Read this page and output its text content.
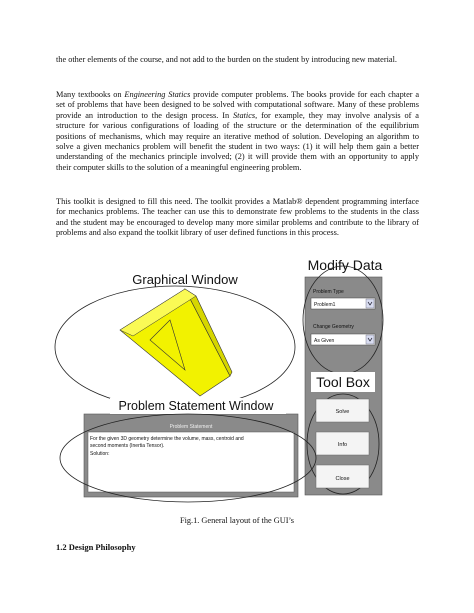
the other elements of the course, and not add to the burden on the student by introducing new material.

Many textbooks on Engineering Statics provide computer problems. The books provide for each chapter a set of problems that have been designed to be solved with computational software. Many of these problems provide an introduction to the design process. In Statics, for example, they may involve analysis of a structure for various configurations of loading of the structure or the determination of the equilibrium positions of mechanisms, which may require an iterative method of solution. Developing an algorithm to solve a given mechanics problem will benefit the student in two ways: (1) it will help them gain a better understanding of the mechanics principle involved; (2) it will provide them with an opportunity to apply their computer skills to the solution of a meaningful engineering problem.

This toolkit is designed to fill this need. The toolkit provides a Matlab® dependent programming interface for mechanics problems. The teacher can use this to demonstrate few problems to the students in the class and the student may be encouraged to develop many more similar problems and contribute to the library of problems and also expand the toolkit library of user defined functions in this process.

Graphical Window
Modify Data
Problem Type
Problem1
Change Geometry
As Given
Tool Box
Solve
Info
Close
Problem Statement Window
Problem Statement
For the given 3D geometry determine the volume, mass, centroid and
second moments (Inertia Tensor).
Solution:
Fig.1. General layout of the GUI’s
1.2 Design Philosophy
